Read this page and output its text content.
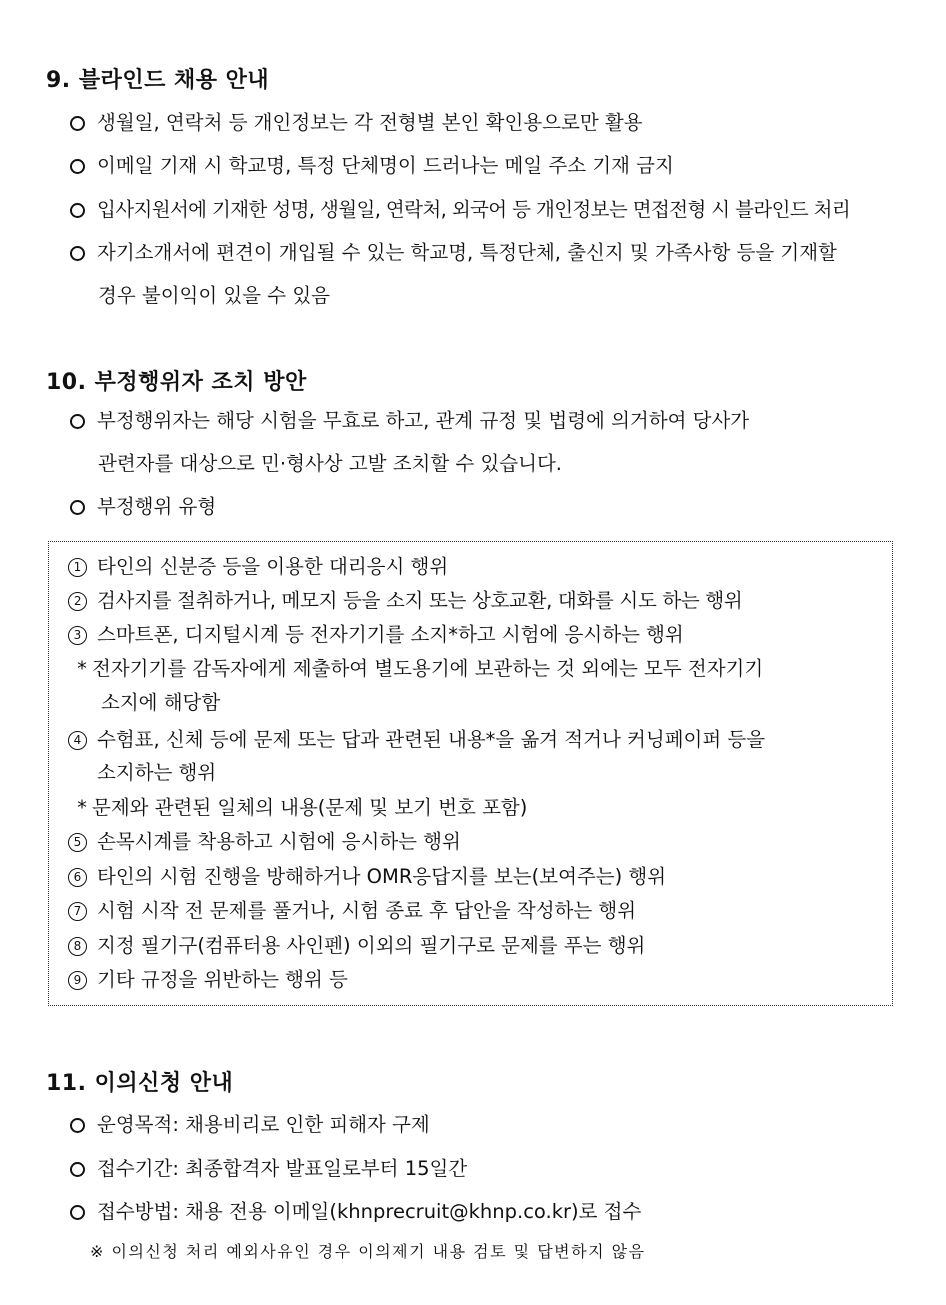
9. 블라인드 채용 안내
생월일, 연락처 등 개인정보는 각 전형별 본인 확인용으로만 활용
이메일 기재 시 학교명, 특정 단체명이 드러나는 메일 주소 기재 금지
입사지원서에 기재한 성명, 생월일, 연락처, 외국어 등 개인정보는 면접전형 시 블라인드 처리
자기소개서에 편견이 개입될 수 있는 학교명, 특정단체, 출신지 및 가족사항 등을 기재할
경우 불이익이 있을 수 있음
10. 부정행위자 조치 방안
부정행위자는 해당 시험을 무효로 하고, 관계 규정 및 법령에 의거하여 당사가
관련자를 대상으로 민·형사상 고발 조치할 수 있습니다.
부정행위 유형
1 타인의 신분증 등을 이용한 대리응시 행위
2 검사지를 절취하거나, 메모지 등을 소지 또는 상호교환, 대화를 시도 하는 행위
3 스마트폰, 디지털시계 등 전자기기를 소지*하고 시험에 응시하는 행위
* 전자기기를 감독자에게 제출하여 별도용기에 보관하는 것 외에는 모두 전자기기
소지에 해당함
4 수험표, 신체 등에 문제 또는 답과 관련된 내용*을 옮겨 적거나 커닝페이퍼 등을
소지하는 행위
* 문제와 관련된 일체의 내용(문제 및 보기 번호 포함)
5 손목시계를 착용하고 시험에 응시하는 행위
6 타인의 시험 진행을 방해하거나 OMR응답지를 보는(보여주는) 행위
7 시험 시작 전 문제를 풀거나, 시험 종료 후 답안을 작성하는 행위
8 지정 필기구(컴퓨터용 사인펜) 이외의 필기구로 문제를 푸는 행위
9 기타 규정을 위반하는 행위 등
11. 이의신청 안내
운영목적: 채용비리로 인한 피해자 구제
접수기간: 최종합격자 발표일로부터 15일간
접수방법: 채용 전용 이메일(khnprecruit@khnp.co.kr)로 접수
※ 이의신청 처리 예외사유인 경우 이의제기 내용 검토 및 답변하지 않음
